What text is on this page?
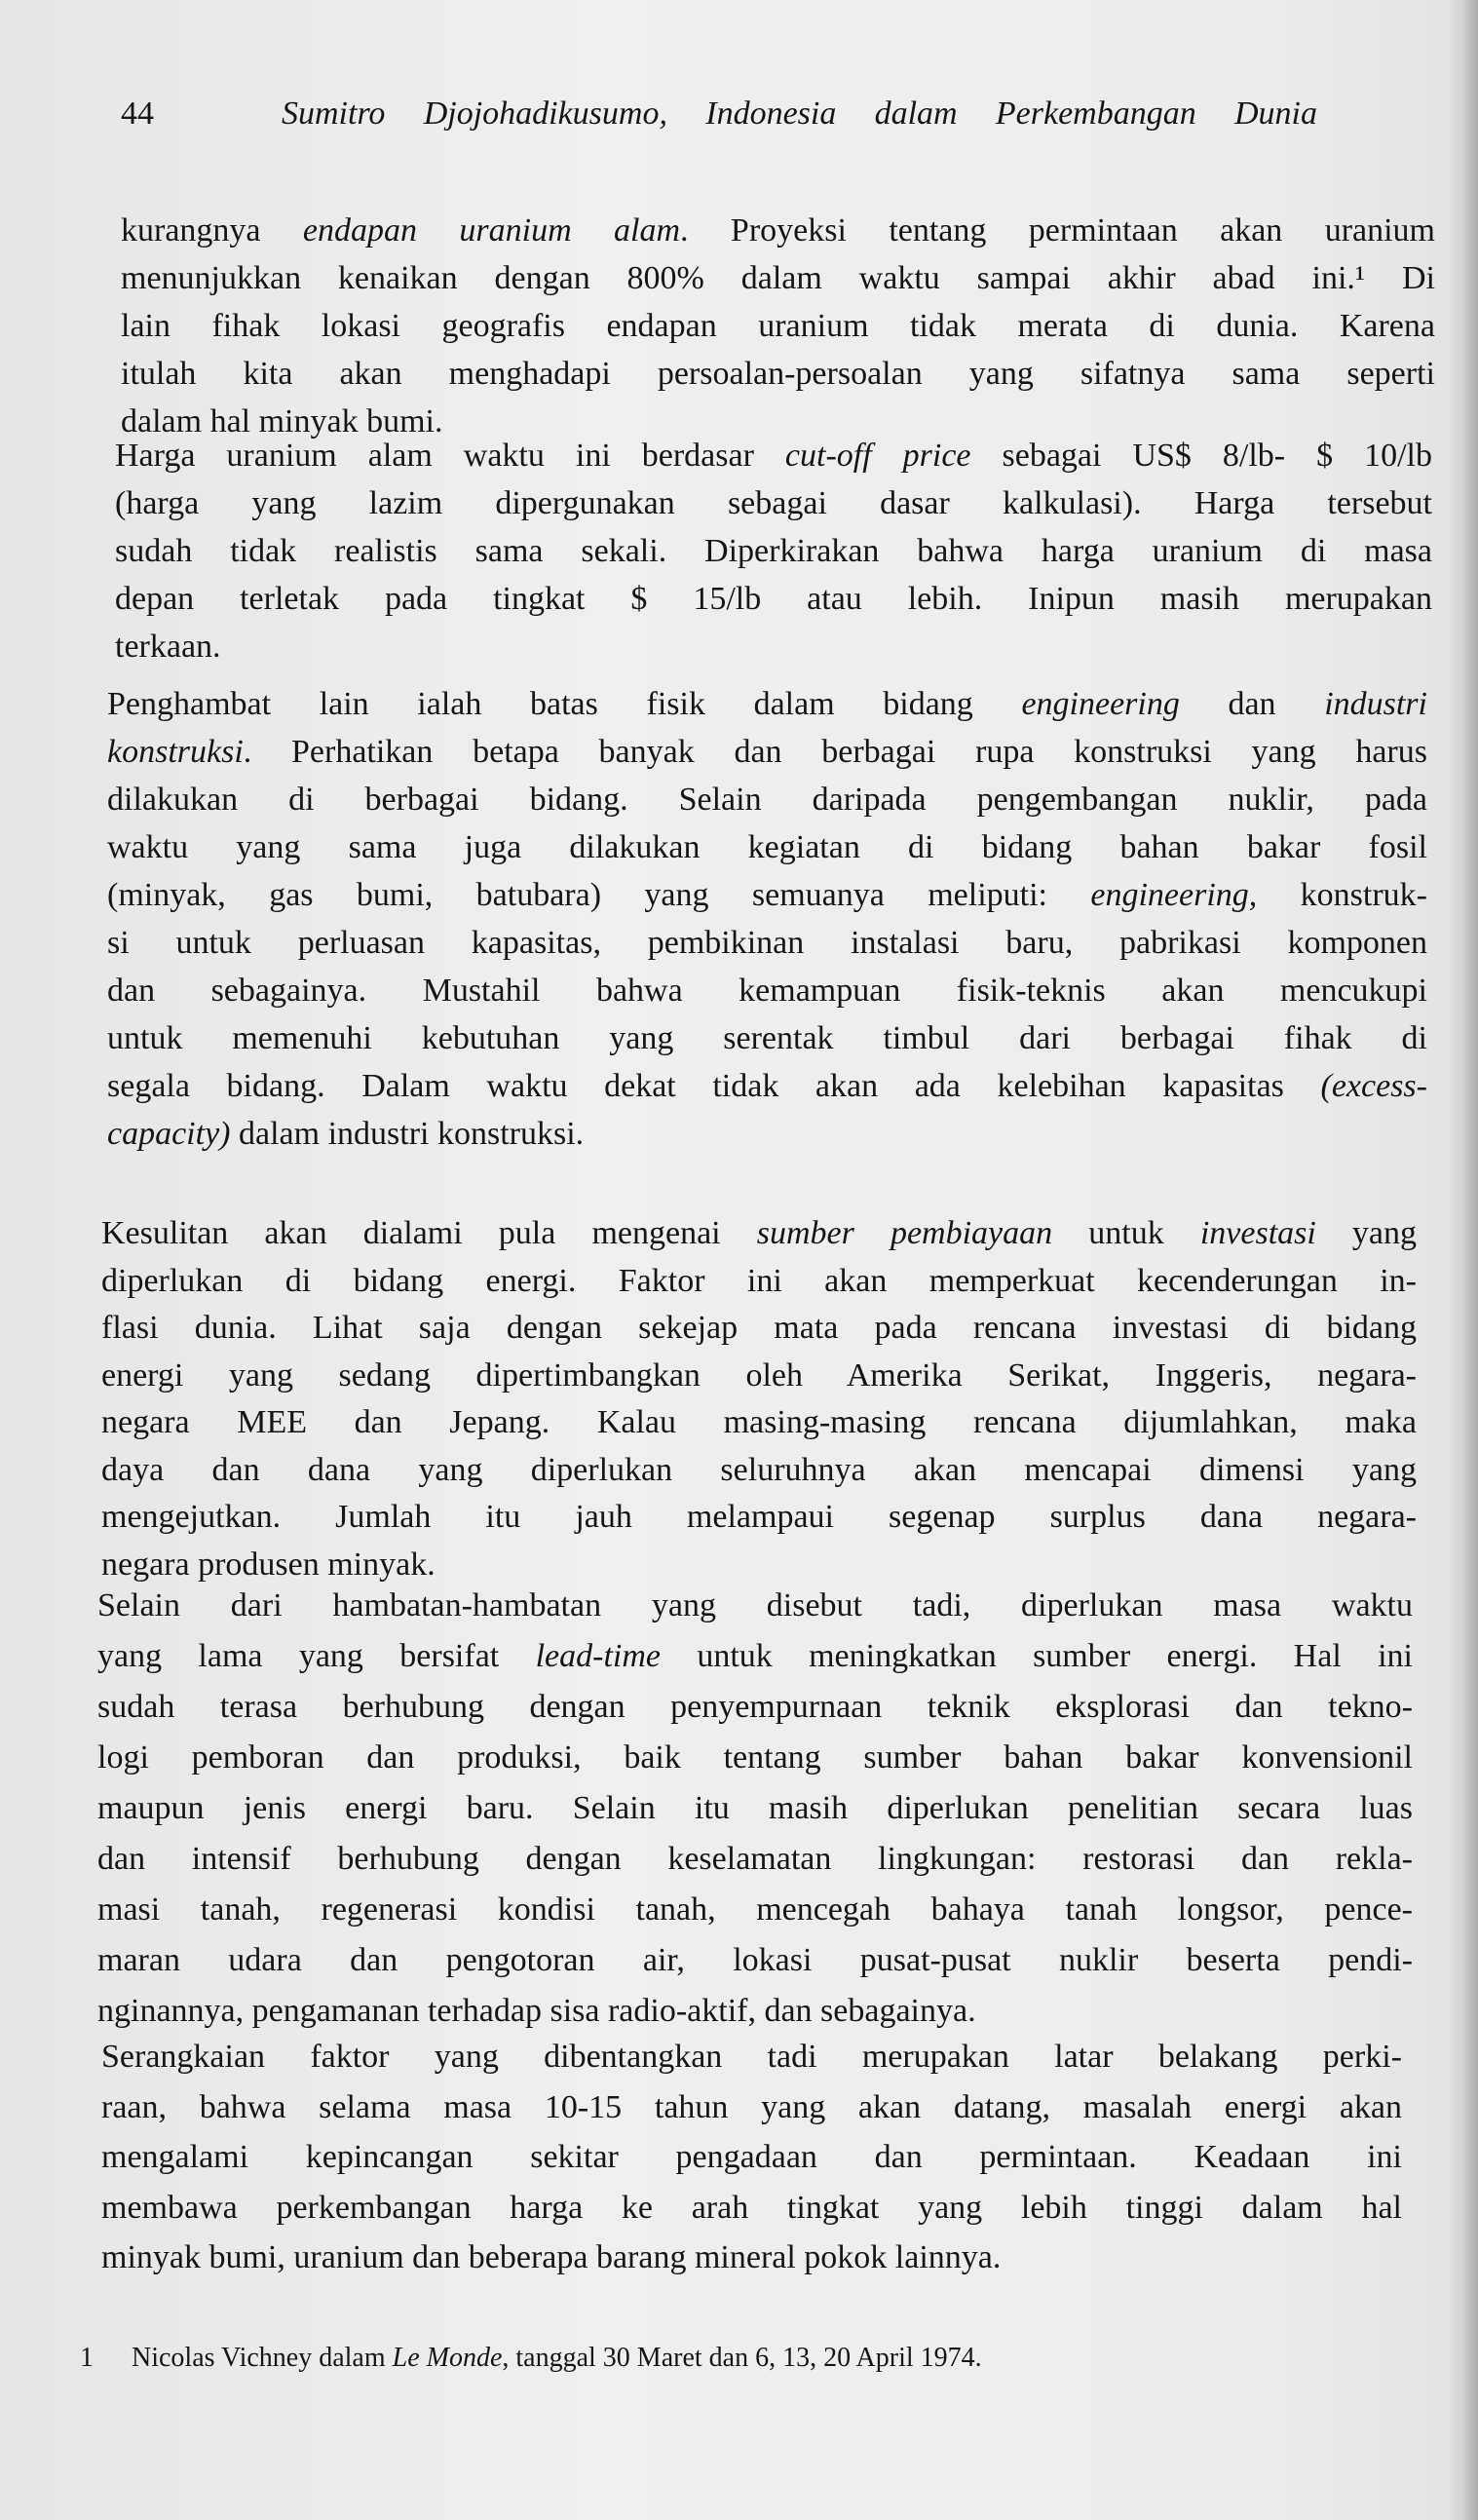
44	Sumitro Djojohadikusumo, Indonesia dalam Perkembangan Dunia
kurangnya endapan uranium alam. Proyeksi tentang permintaan akan uranium
menunjukkan kenaikan dengan 800% dalam waktu sampai akhir abad ini.¹ Di
lain fihak lokasi geografis endapan uranium tidak merata di dunia. Karena
itulah kita akan menghadapi persoalan-persoalan yang sifatnya sama seperti
dalam hal minyak bumi.
Harga uranium alam waktu ini berdasar cut-off price sebagai US$ 8/lb- $ 10/lb
(harga yang lazim dipergunakan sebagai dasar kalkulasi). Harga tersebut
sudah tidak realistis sama sekali. Diperkirakan bahwa harga uranium di masa
depan terletak pada tingkat $ 15/lb atau lebih. Inipun masih merupakan
terkaan.
Penghambat lain ialah batas fisik dalam bidang engineering dan industri
konstruksi. Perhatikan betapa banyak dan berbagai rupa konstruksi yang harus
dilakukan di berbagai bidang. Selain daripada pengembangan nuklir, pada
waktu yang sama juga dilakukan kegiatan di bidang bahan bakar fosil
(minyak, gas bumi, batubara) yang semuanya meliputi: engineering, konstruk-
si untuk perluasan kapasitas, pembikinan instalasi baru, pabrikasi komponen
dan sebagainya. Mustahil bahwa kemampuan fisik-teknis akan mencukupi
untuk memenuhi kebutuhan yang serentak timbul dari berbagai fihak di
segala bidang. Dalam waktu dekat tidak akan ada kelebihan kapasitas (excess-
capacity) dalam industri konstruksi.
Kesulitan akan dialami pula mengenai sumber pembiayaan untuk investasi yang
diperlukan di bidang energi. Faktor ini akan memperkuat kecenderungan in-
flasi dunia. Lihat saja dengan sekejap mata pada rencana investasi di bidang
energi yang sedang dipertimbangkan oleh Amerika Serikat, Inggeris, negara-
negara MEE dan Jepang. Kalau masing-masing rencana dijumlahkan, maka
daya dan dana yang diperlukan seluruhnya akan mencapai dimensi yang
mengejutkan. Jumlah itu jauh melampaui segenap surplus dana negara-
negara produsen minyak.
Selain dari hambatan-hambatan yang disebut tadi, diperlukan masa waktu
yang lama yang bersifat lead-time untuk meningkatkan sumber energi. Hal ini
sudah terasa berhubung dengan penyempurnaan teknik eksplorasi dan tekno-
logi pemboran dan produksi, baik tentang sumber bahan bakar konvensionil
maupun jenis energi baru. Selain itu masih diperlukan penelitian secara luas
dan intensif berhubung dengan keselamatan lingkungan: restorasi dan rekla-
masi tanah, regenerasi kondisi tanah, mencegah bahaya tanah longsor, pence-
maran udara dan pengotoran air, lokasi pusat-pusat nuklir beserta pendi-
nginannya, pengamanan terhadap sisa radio-aktif, dan sebagainya.
Serangkaian faktor yang dibentangkan tadi merupakan latar belakang perki-
raan, bahwa selama masa 10-15 tahun yang akan datang, masalah energi akan
mengalami kepincangan sekitar pengadaan dan permintaan. Keadaan ini
membawa perkembangan harga ke arah tingkat yang lebih tinggi dalam hal
minyak bumi, uranium dan beberapa barang mineral pokok lainnya.
1 Nicolas Vichney dalam Le Monde, tanggal 30 Maret dan 6, 13, 20 April 1974.
